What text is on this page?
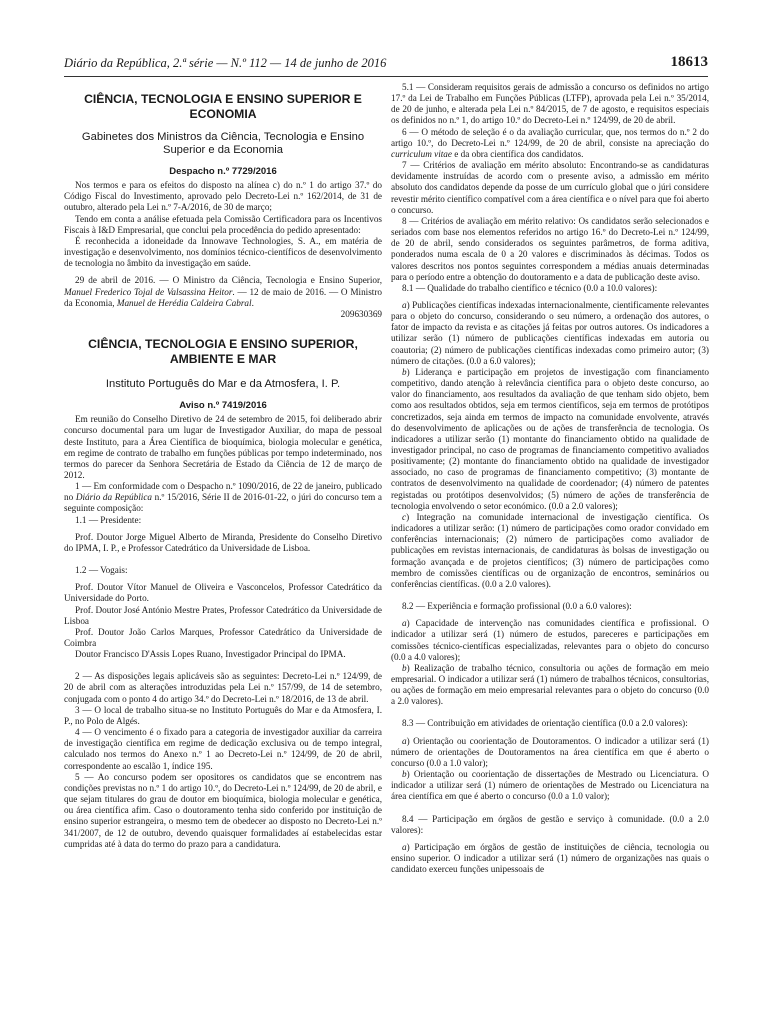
Diário da República, 2.ª série — N.º 112 — 14 de junho de 2016	18613
CIÊNCIA, TECNOLOGIA E ENSINO SUPERIOR E ECONOMIA
Gabinetes dos Ministros da Ciência, Tecnologia e Ensino Superior e da Economia
Despacho n.º 7729/2016

Nos termos e para os efeitos do disposto na alínea c) do n.º 1 do artigo 37.º do Código Fiscal do Investimento, aprovado pelo Decreto-Lei n.º 162/2014, de 31 de outubro, alterado pela Lei n.º 7-A/2016, de 30 de março;

Tendo em conta a análise efetuada pela Comissão Certificadora para os Incentivos Fiscais à I&D Empresarial, que conclui pela procedência do pedido apresentado:

É reconhecida a idoneidade da Innowave Technologies, S. A., em matéria de investigação e desenvolvimento, nos domínios técnico-científicos de desenvolvimento de tecnologia no âmbito da investigação em saúde.

29 de abril de 2016. — O Ministro da Ciência, Tecnologia e Ensino Superior, Manuel Frederico Tojal de Valsassina Heitor. — 12 de maio de 2016. — O Ministro da Economia, Manuel de Herédia Caldeira Cabral.

209630369
CIÊNCIA, TECNOLOGIA E ENSINO SUPERIOR, AMBIENTE E MAR
Instituto Português do Mar e da Atmosfera, I. P.
Aviso n.º 7419/2016

Em reunião do Conselho Diretivo de 24 de setembro de 2015, foi deliberado abrir concurso documental para um lugar de Investigador Auxiliar, do mapa de pessoal deste Instituto, para a Área Científica de bioquímica, biologia molecular e genética, em regime de contrato de trabalho em funções públicas por tempo indeterminado, nos termos do parecer da Senhora Secretária de Estado da Ciência de 12 de março de 2012.

1 — Em conformidade com o Despacho n.º 1090/2016, de 22 de janeiro, publicado no Diário da República n.º 15/2016, Série II de 2016-01-22, o júri do concurso tem a seguinte composição:

1.1 — Presidente:

Prof. Doutor Jorge Miguel Alberto de Miranda, Presidente do Conselho Diretivo do IPMA, I. P., e Professor Catedrático da Universidade de Lisboa.

1.2 — Vogais:

Prof. Doutor Vítor Manuel de Oliveira e Vasconcelos, Professor Catedrático da Universidade do Porto.

Prof. Doutor José António Mestre Prates, Professor Catedrático da Universidade de Lisboa

Prof. Doutor João Carlos Marques, Professor Catedrático da Universidade de Coimbra

Doutor Francisco D'Assis Lopes Ruano, Investigador Principal do IPMA.

2 — As disposições legais aplicáveis são as seguintes: Decreto-Lei n.º 124/99, de 20 de abril com as alterações introduzidas pela Lei n.º 157/99, de 14 de setembro, conjugada com o ponto 4 do artigo 34.º do Decreto-Lei n.º 18/2016, de 13 de abril.

3 — O local de trabalho situa-se no Instituto Português do Mar e da Atmosfera, I. P., no Polo de Algés.

4 — O vencimento é o fixado para a categoria de investigador auxiliar da carreira de investigação científica em regime de dedicação exclusiva ou de tempo integral, calculado nos termos do Anexo n.º 1 ao Decreto-Lei n.º 124/99, de 20 de abril, correspondente ao escalão 1, índice 195.

5 — Ao concurso podem ser opositores os candidatos que se encontrem nas condições previstas no n.º 1 do artigo 10.º, do Decreto-Lei n.º 124/99, de 20 de abril, e que sejam titulares do grau de doutor em bioquímica, biologia molecular e genética, ou área científica afim. Caso o doutoramento tenha sido conferido por instituição de ensino superior estrangeira, o mesmo tem de obedecer ao disposto no Decreto-Lei n.º 341/2007, de 12 de outubro, devendo quaisquer formalidades aí estabelecidas estar cumpridas até à data do termo do prazo para a candidatura.

5.1 — Consideram requisitos gerais de admissão a concurso os definidos no artigo 17.º da Lei de Trabalho em Funções Públicas (LTFP), aprovada pela Lei n.º 35/2014, de 20 de junho, e alterada pela Lei n.º 84/2015, de 7 de agosto, e requisitos especiais os definidos no n.º 1, do artigo 10.º do Decreto-Lei n.º 124/99, de 20 de abril.

6 — O método de seleção é o da avaliação curricular, que, nos termos do n.º 2 do artigo 10.º, do Decreto-Lei n.º 124/99, de 20 de abril, consiste na apreciação do curriculum vitae e da obra científica dos candidatos.

7 — Critérios de avaliação em mérito absoluto: Encontrando-se as candidaturas devidamente instruídas de acordo com o presente aviso, a admissão em mérito absoluto dos candidatos depende da posse de um currículo global que o júri considere revestir mérito científico compatível com a área científica e o nível para que foi aberto o concurso.

8 — Critérios de avaliação em mérito relativo: Os candidatos serão selecionados e seriados com base nos elementos referidos no artigo 16.º do Decreto-Lei n.º 124/99, de 20 de abril, sendo considerados os seguintes parâmetros, de forma aditiva, ponderados numa escala de 0 a 20 valores e discriminados às décimas. Todos os valores descritos nos pontos seguintes correspondem a médias anuais determinadas para o período entre a obtenção do doutoramento e a data de publicação deste aviso.

8.1 — Qualidade do trabalho científico e técnico (0.0 a 10.0 valores):

a) Publicações científicas indexadas internacionalmente, cientificamente relevantes para o objeto do concurso, considerando o seu número, a ordenação dos autores, o fator de impacto da revista e as citações já feitas por outros autores. Os indicadores a utilizar serão (1) número de publicações científicas indexadas em autoria ou coautoria; (2) número de publicações científicas indexadas como primeiro autor; (3) número de citações. (0.0 a 6.0 valores);

b) Liderança e participação em projetos de investigação com financiamento competitivo, dando atenção à relevância científica para o objeto deste concurso, ao valor do financiamento, aos resultados da avaliação de que tenham sido objeto, bem como aos resultados obtidos, seja em termos científicos, seja em termos de protótipos concretizados, seja ainda em termos de impacto na comunidade envolvente, através do desenvolvimento de aplicações ou de ações de transferência de tecnologia. Os indicadores a utilizar serão (1) montante do financiamento obtido na qualidade de investigador principal, no caso de programas de financiamento competitivo avaliados positivamente; (2) montante do financiamento obtido na qualidade de investigador associado, no caso de programas de financiamento competitivo; (3) montante de contratos de desenvolvimento na qualidade de coordenador; (4) número de patentes registadas ou protótipos desenvolvidos; (5) número de ações de transferência de tecnologia envolvendo o setor económico. (0.0 a 2.0 valores);

c) Integração na comunidade internacional de investigação científica. Os indicadores a utilizar serão: (1) número de participações como orador convidado em conferências internacionais; (2) número de participações como avaliador de publicações em revistas internacionais, de candidaturas às bolsas de investigação ou formação avançada e de projetos científicos; (3) número de participações como membro de comissões científicas ou de organização de encontros, seminários ou conferências científicas. (0.0 a 2.0 valores).

8.2 — Experiência e formação profissional (0.0 a 6.0 valores):

a) Capacidade de intervenção nas comunidades científica e profissional. O indicador a utilizar será (1) número de estudos, pareceres e participações em comissões técnico-científicas especializadas, relevantes para o objeto do concurso (0.0 a 4.0 valores);

b) Realização de trabalho técnico, consultoria ou ações de formação em meio empresarial. O indicador a utilizar será (1) número de trabalhos técnicos, consultorias, ou ações de formação em meio empresarial relevantes para o objeto do concurso (0.0 a 2.0 valores).

8.3 — Contribuição em atividades de orientação científica (0.0 a 2.0 valores):

a) Orientação ou coorientação de Doutoramentos. O indicador a utilizar será (1) número de orientações de Doutoramentos na área científica em que é aberto o concurso (0.0 a 1.0 valor);

b) Orientação ou coorientação de dissertações de Mestrado ou Licenciatura. O indicador a utilizar será (1) número de orientações de Mestrado ou Licenciatura na área científica em que é aberto o concurso (0.0 a 1.0 valor);

8.4 — Participação em órgãos de gestão e serviço à comunidade. (0.0 a 2.0 valores):

a) Participação em órgãos de gestão de instituições de ciência, tecnologia ou ensino superior. O indicador a utilizar será (1) número de organizações nas quais o candidato exerceu funções unipessoais de
